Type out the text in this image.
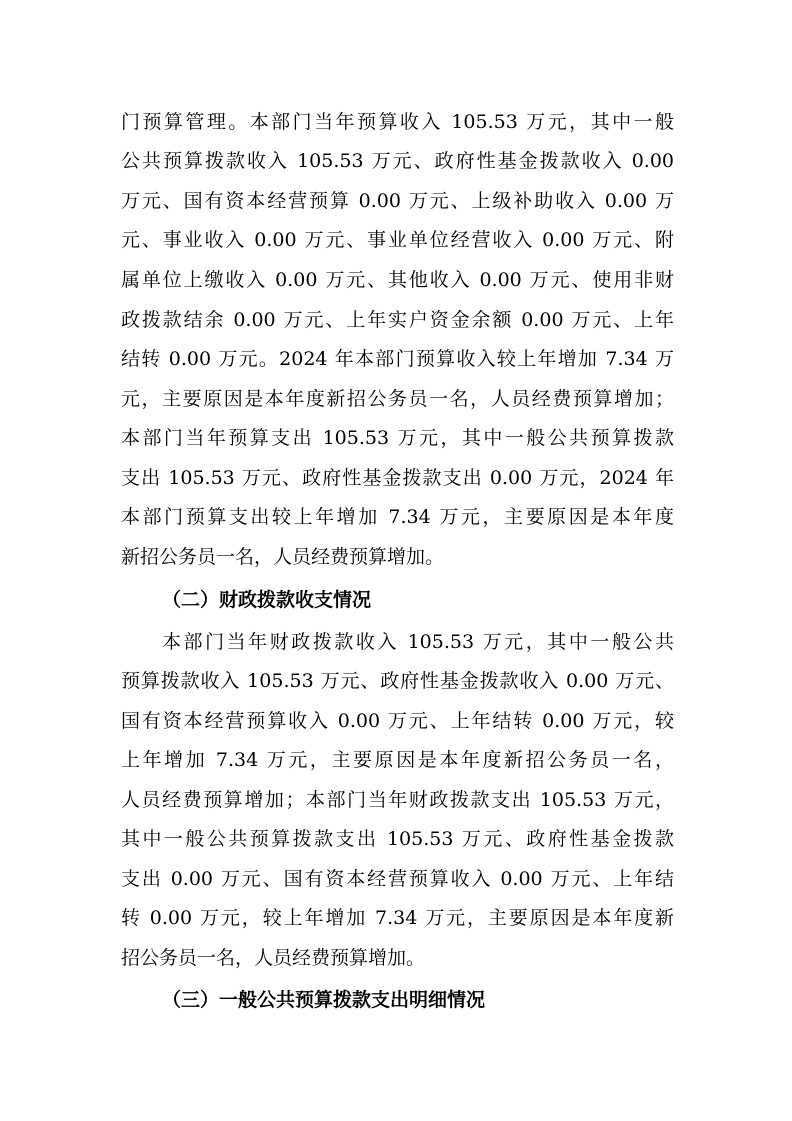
门预算管理。本部门当年预算收入 105.53 万元，其中一般
公共预算拨款收入 105.53 万元、政府性基金拨款收入 0.00
万元、国有资本经营预算 0.00 万元、上级补助收入 0.00 万
元、事业收入 0.00 万元、事业单位经营收入 0.00 万元、附
属单位上缴收入 0.00 万元、其他收入 0.00 万元、使用非财
政拨款结余 0.00 万元、上年实户资金余额 0.00 万元、上年
结转 0.00 万元。2024 年本部门预算收入较上年增加 7.34 万
元，主要原因是本年度新招公务员一名，人员经费预算增加；
本部门当年预算支出 105.53 万元，其中一般公共预算拨款
支出 105.53 万元、政府性基金拨款支出 0.00 万元，2024 年
本部门预算支出较上年增加 7.34 万元，主要原因是本年度
新招公务员一名，人员经费预算增加。
（二）财政拨款收支情况
本部门当年财政拨款收入 105.53 万元，其中一般公共
预算拨款收入 105.53 万元、政府性基金拨款收入 0.00 万元、
国有资本经营预算收入 0.00 万元、上年结转 0.00 万元，较
上年增加 7.34 万元，主要原因是本年度新招公务员一名，
人员经费预算增加；本部门当年财政拨款支出 105.53 万元，
其中一般公共预算拨款支出 105.53 万元、政府性基金拨款
支出 0.00 万元、国有资本经营预算收入 0.00 万元、上年结
转 0.00 万元，较上年增加 7.34 万元，主要原因是本年度新
招公务员一名，人员经费预算增加。
（三）一般公共预算拨款支出明细情况
